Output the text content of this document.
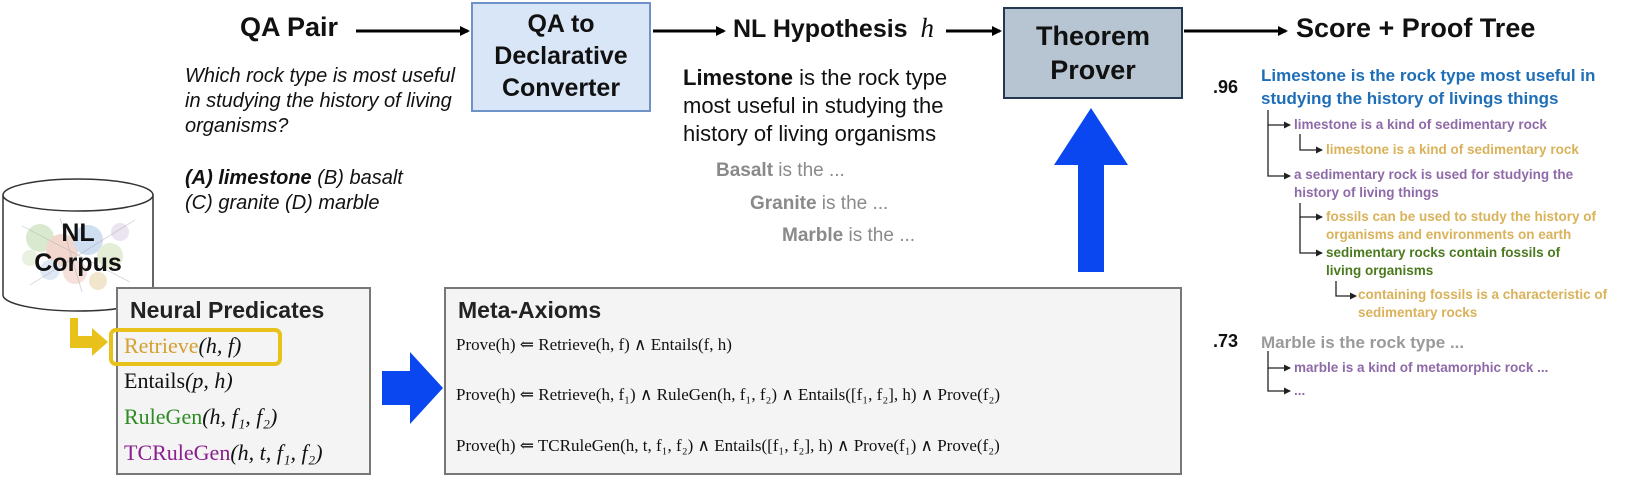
QA Pair	QA to
Declarative
Converter
NL Hypothesis h	Theorem
Prover
Score + Proof Tree
Which rock type is most useful in studying the history of living organisms?
(A) limestone (B) basalt
(C) granite (D) marble
Limestone is the rock type most useful in studying the history of living organisms
Basalt is the ...
Granite is the ...
Marble is the ...
NL
Corpus
Neural Predicates
Retrieve(h, f)
Entails(p, h)
RuleGen(h, f₁, f₂)
TCRuleGen(h, t, f₁, f₂)
Meta-Axioms
Prove(h) ⇐ Retrieve(h, f) ∧ Entails(f, h)
Prove(h) ⇐ Retrieve(h, f₁) ∧ RuleGen(h, f₁, f₂) ∧ Entails([f₁, f₂], h) ∧ Prove(f₂)
Prove(h) ⇐ TCRuleGen(h, t, f₁, f₂) ∧ Entails([f₁, f₂], h) ∧ Prove(f₁) ∧ Prove(f₂)
.96
Limestone is the rock type most useful in studying the history of livings things
limestone is a kind of sedimentary rock
limestone is a kind of sedimentary rock
a sedimentary rock is used for studying the history of living things
fossils can be used to study the history of organisms and environments on earth
sedimentary rocks contain fossils of living organisms
containing fossils is a characteristic of sedimentary rocks
.73 Marble is the rock type ...
marble is a kind of metamorphic rock ...
...
